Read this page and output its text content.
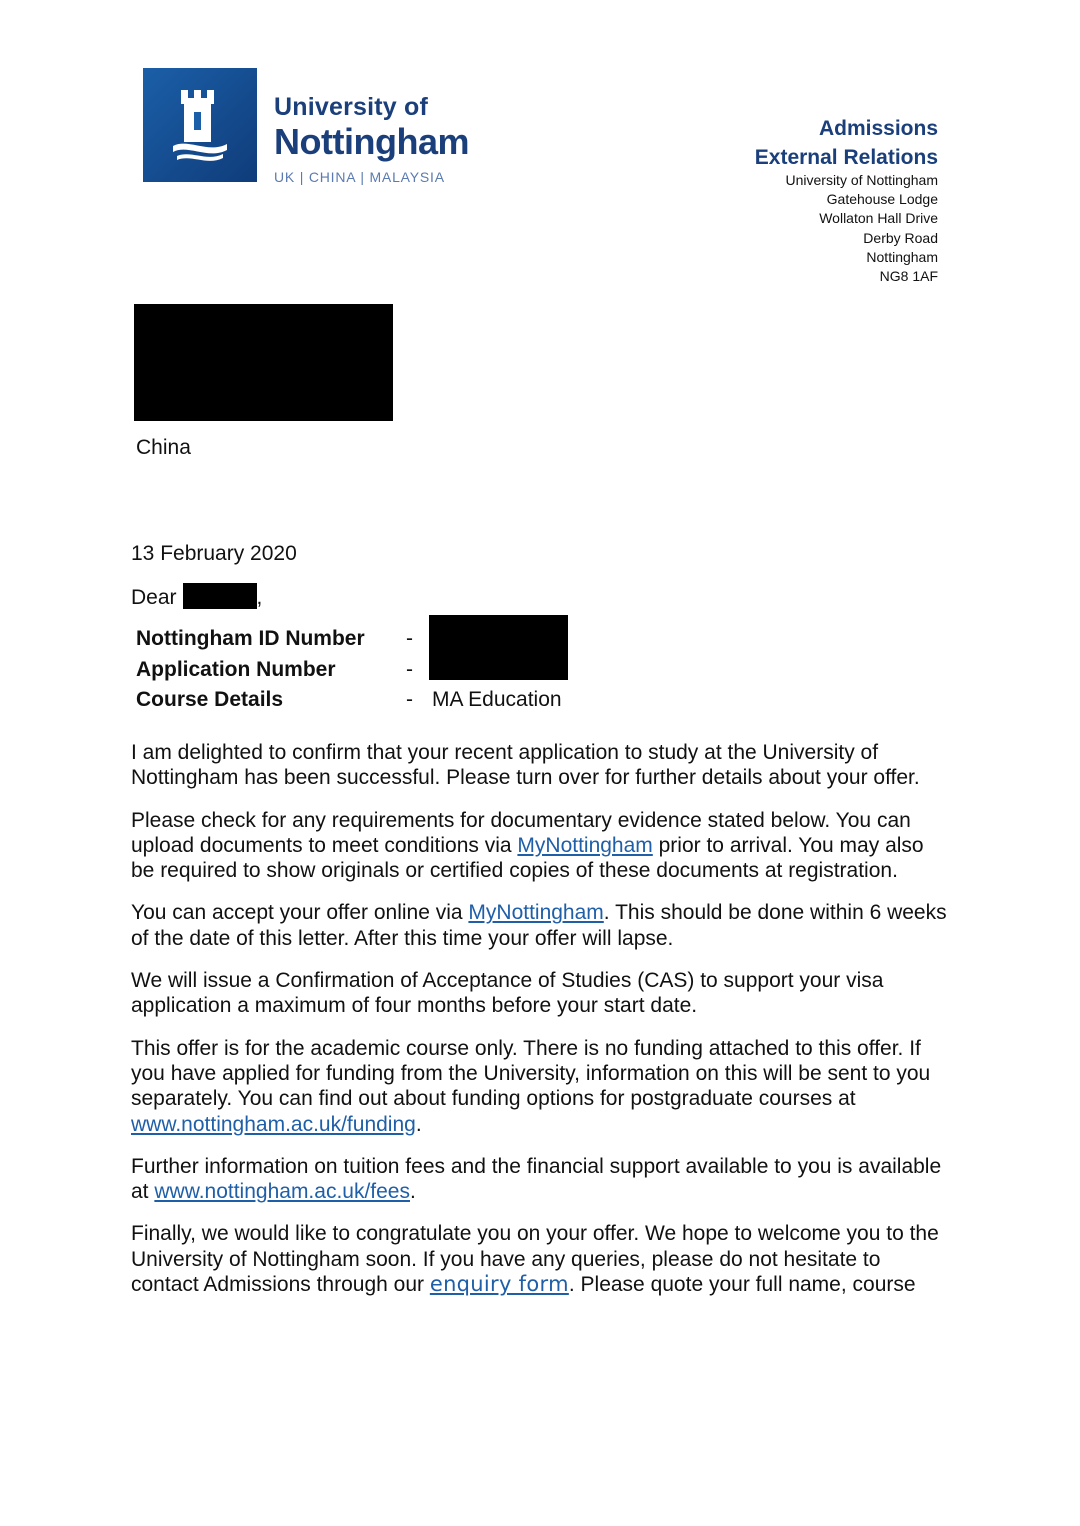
University of
Nottingham
UK | CHINA | MALAYSIA
Admissions
External Relations
University of Nottingham
Gatehouse Lodge
Wollaton Hall Drive
Derby Road
Nottingham
NG8 1AF
China
13 February 2020
Dear	,
Nottingham ID Number -
Application Number	-
Course Details	- MA Education

I am delighted to confirm that your recent application to study at the University of Nottingham has been successful. Please turn over for further details about your offer.

Please check for any requirements for documentary evidence stated below. You can upload documents to meet conditions via MyNottingham prior to arrival. You may also be required to show originals or certified copies of these documents at registration.

You can accept your offer online via MyNottingham. This should be done within 6 weeks of the date of this letter. After this time your offer will lapse.

We will issue a Confirmation of Acceptance of Studies (CAS) to support your visa application a maximum of four months before your start date.

This offer is for the academic course only. There is no funding attached to this offer. If you have applied for funding from the University, information on this will be sent to you separately. You can find out about funding options for postgraduate courses at www.nottingham.ac.uk/funding.

Further information on tuition fees and the financial support available to you is available at www.nottingham.ac.uk/fees.

Finally, we would like to congratulate you on your offer. We hope to welcome you to the University of Nottingham soon. If you have any queries, please do not hesitate to contact Admissions through our enquiry form. Please quote your full name, course
